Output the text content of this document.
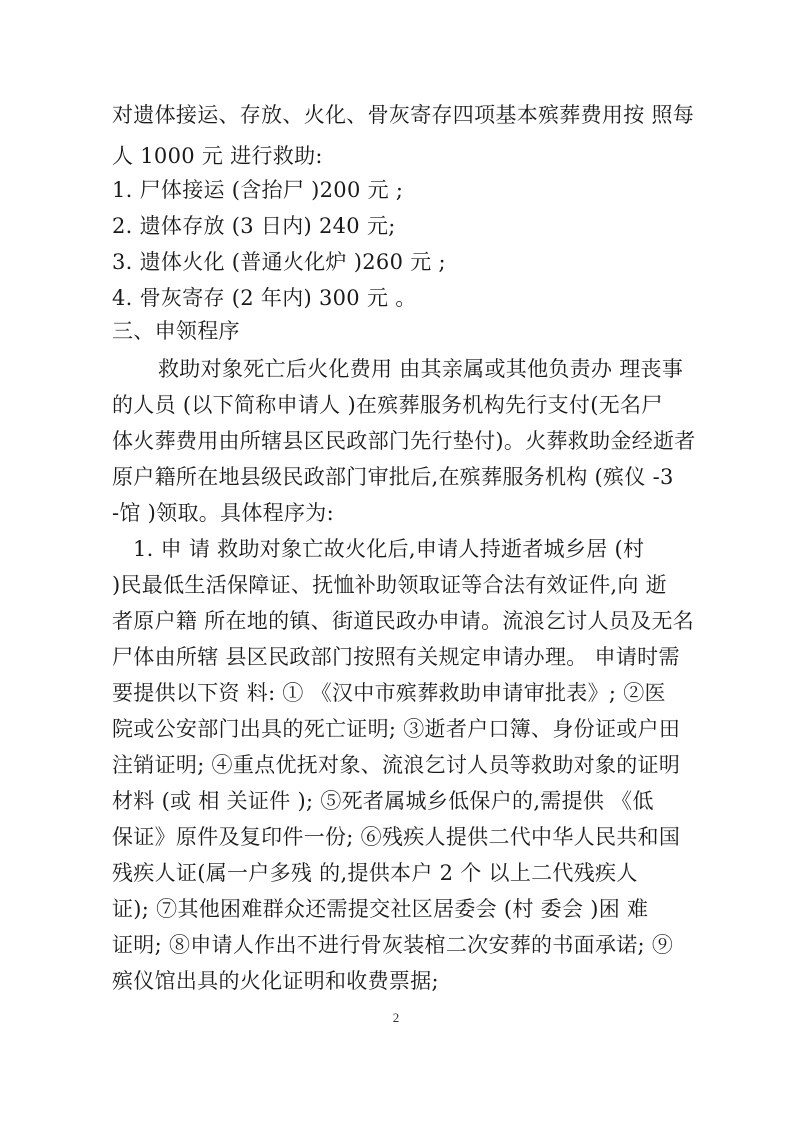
对遗体接运、存放、火化、骨灰寄存四项基本殡葬费用按 照每
人 1000 元 进行救助:
1. 尸体接运 (含抬尸 )200 元 ;
2. 遗体存放 (3 日内) 240 元;
3. 遗体火化 (普通火化炉 )260 元 ;
4. 骨灰寄存 (2 年内) 300 元 。
三、申领程序
救助对象死亡后火化费用 由其亲属或其他负责办 理丧事
的人员 (以下简称申请人 )在殡葬服务机构先行支付(无名尸
体火葬费用由所辖县区民政部门先行垫付)。火葬救助金经逝者
原户籍所在地县级民政部门审批后,在殡葬服务机构 (殡仪 -3
-馆 )领取。具体程序为:
1. 申 请 救助对象亡故火化后,申请人持逝者城乡居 (村
)民最低生活保障证、抚恤补助领取证等合法有效证件,向 逝
者原户籍 所在地的镇、街道民政办申请。流浪乞讨人员及无名
尸体由所辖 县区民政部门按照有关规定申请办理。 申请时需
要提供以下资 料: ① 《汉中市殡葬救助申请审批表》; ②医
院或公安部门出具的死亡证明; ③逝者户口簿、身份证或户田
注销证明; ④重点优抚对象、流浪乞讨人员等救助对象的证明
材料 (或 相 关证件 ); ⑤死者属城乡低保户的,需提供 《低
保证》原件及复印件一份; ⑥残疾人提供二代中华人民共和国
残疾人证(属一户多残 的,提供本户 2 个 以上二代残疾人
证); ⑦其他困难群众还需提交社区居委会 (村 委会 )困 难
证明; ⑧申请人作出不进行骨灰装棺二次安葬的书面承诺; ⑨
殡仪馆出具的火化证明和收费票据;
2
